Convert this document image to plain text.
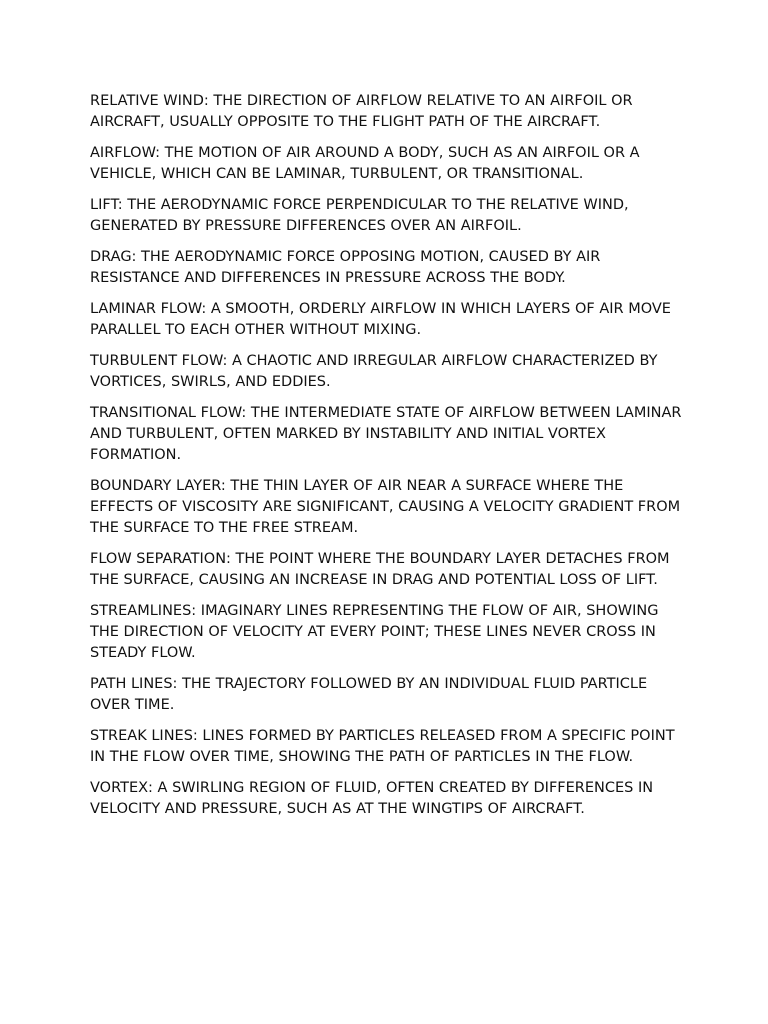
RELATIVE WIND: THE DIRECTION OF AIRFLOW RELATIVE TO AN AIRFOIL OR AIRCRAFT, USUALLY OPPOSITE TO THE FLIGHT PATH OF THE AIRCRAFT.

AIRFLOW: THE MOTION OF AIR AROUND A BODY, SUCH AS AN AIRFOIL OR A VEHICLE, WHICH CAN BE LAMINAR, TURBULENT, OR TRANSITIONAL.

LIFT: THE AERODYNAMIC FORCE PERPENDICULAR TO THE RELATIVE WIND, GENERATED BY PRESSURE DIFFERENCES OVER AN AIRFOIL.

DRAG: THE AERODYNAMIC FORCE OPPOSING MOTION, CAUSED BY AIR RESISTANCE AND DIFFERENCES IN PRESSURE ACROSS THE BODY.

LAMINAR FLOW: A SMOOTH, ORDERLY AIRFLOW IN WHICH LAYERS OF AIR MOVE PARALLEL TO EACH OTHER WITHOUT MIXING.

TURBULENT FLOW: A CHAOTIC AND IRREGULAR AIRFLOW CHARACTERIZED BY VORTICES, SWIRLS, AND EDDIES.

TRANSITIONAL FLOW: THE INTERMEDIATE STATE OF AIRFLOW BETWEEN LAMINAR AND TURBULENT, OFTEN MARKED BY INSTABILITY AND INITIAL VORTEX FORMATION.

BOUNDARY LAYER: THE THIN LAYER OF AIR NEAR A SURFACE WHERE THE EFFECTS OF VISCOSITY ARE SIGNIFICANT, CAUSING A VELOCITY GRADIENT FROM THE SURFACE TO THE FREE STREAM.

FLOW SEPARATION: THE POINT WHERE THE BOUNDARY LAYER DETACHES FROM THE SURFACE, CAUSING AN INCREASE IN DRAG AND POTENTIAL LOSS OF LIFT.

STREAMLINES: IMAGINARY LINES REPRESENTING THE FLOW OF AIR, SHOWING THE DIRECTION OF VELOCITY AT EVERY POINT; THESE LINES NEVER CROSS IN STEADY FLOW.

PATH LINES: THE TRAJECTORY FOLLOWED BY AN INDIVIDUAL FLUID PARTICLE OVER TIME.

STREAK LINES: LINES FORMED BY PARTICLES RELEASED FROM A SPECIFIC POINT IN THE FLOW OVER TIME, SHOWING THE PATH OF PARTICLES IN THE FLOW.

VORTEX: A SWIRLING REGION OF FLUID, OFTEN CREATED BY DIFFERENCES IN VELOCITY AND PRESSURE, SUCH AS AT THE WINGTIPS OF AIRCRAFT.
